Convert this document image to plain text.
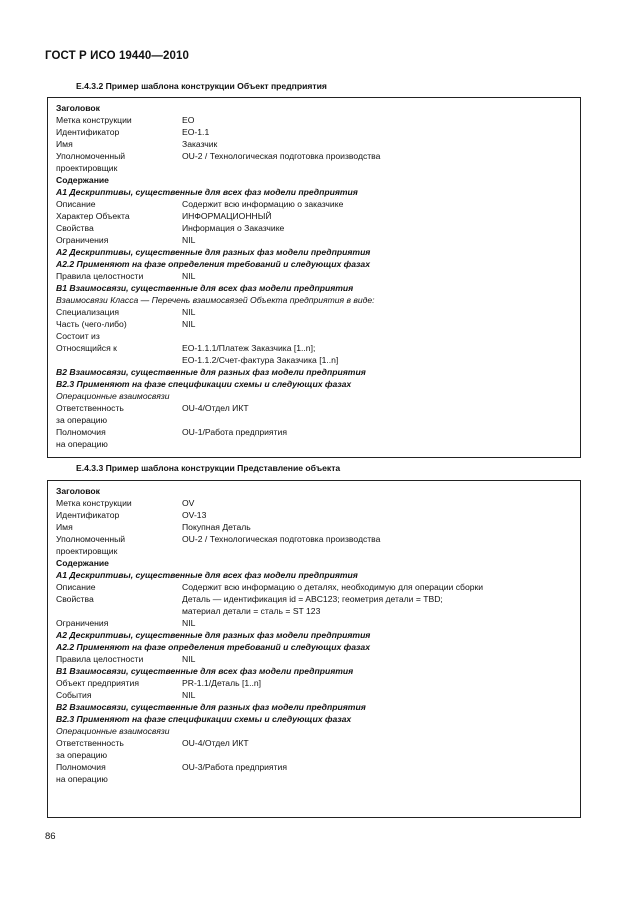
ГОСТ Р ИСО 19440—2010
Е.4.3.2 Пример шаблона конструкции Объект предприятия
Заголовок
Метка конструкции	EO
Идентификатор	EO-1.1
Имя	Заказчик
Уполномоченный	OU-2 / Технологическая подготовка производства
проектировщик
Содержание
А1 Дескриптивы, существенные для всех фаз модели предприятия
Описание	Содержит всю информацию о заказчике
Характер Объекта	ИНФОРМАЦИОННЫЙ
Свойства	Информация о Заказчике
Ограничения	NIL
А2 Дескриптивы, существенные для разных фаз модели предприятия
А2.2 Применяют на фазе определения требований и следующих фазах
Правила целостности	NIL
В1 Взаимосвязи, существенные для всех фаз модели предприятия
Взаимосвязи Класса — Перечень взаимосвязей Объекта предприятия в виде:
Специализация	NIL
Часть (чего-либо)	NIL
Состоит из
Относящийся к	EO-1.1.1/Платеж Заказчика [1..n];
EO-1.1.2/Счет-фактура Заказчика [1..n]
В2 Взаимосвязи, существенные для разных фаз модели предприятия
В2.3 Применяют на фазе спецификации схемы и следующих фазах
Операционные взаимосвязи
Ответственность	OU-4/Отдел ИКТ
за операцию
Полномочия	OU-1/Работа предприятия
на операцию
Е.4.3.3 Пример шаблона конструкции Представление объекта
Заголовок
Метка конструкции	OV
Идентификатор	OV-13
Имя	Покупная Деталь
Уполномоченный	OU-2 / Технологическая подготовка производства
проектировщик
Содержание
А1 Дескриптивы, существенные для всех фаз модели предприятия
Описание	Содержит всю информацию о деталях, необходимую для операции сборки
Свойства	Деталь — идентификация id = ABC123; геометрия детали = TBD;
материал детали = сталь = ST 123
Ограничения	NIL
А2 Дескриптивы, существенные для разных фаз модели предприятия
А2.2 Применяют на фазе определения требований и следующих фазах
Правила целостности	NIL
В1 Взаимосвязи, существенные для всех фаз модели предприятия
Объект предприятия	PR-1.1/Деталь [1..n]
События	NIL
В2 Взаимосвязи, существенные для разных фаз модели предприятия
В2.3 Применяют на фазе спецификации схемы и следующих фазах
Операционные взаимосвязи
Ответственность	OU-4/Отдел ИКТ
за операцию
Полномочия	OU-3/Работа предприятия
на операцию
86
